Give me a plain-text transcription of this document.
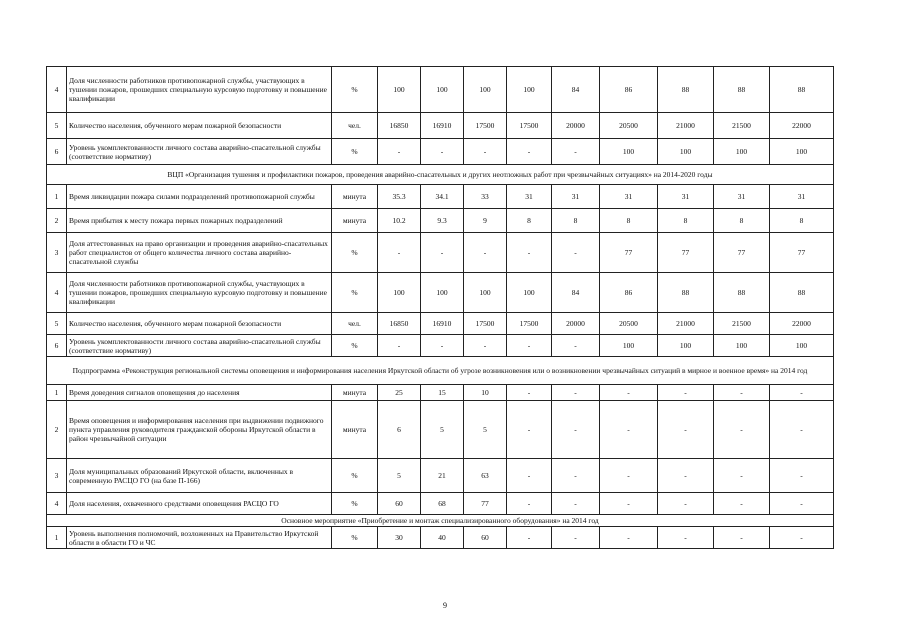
4	Доля численности работников противопожарной службы, участвующих в тушении пожаров, прошедших специальную курсовую подготовку и повышение квалификации	%	100	100	100	100	84	86	88	88	88
5	Количество населения, обученного мерам пожарной безопасности	чел.	16850	16910	17500	17500	20000	20500	21000	21500	22000
6	Уровень укомплектованности личного состава аварийно-спасательной службы (соответствие нормативу)	%	-	-	-	-	-	100	100	100	100
ВЦП «Организация тушения и профилактики пожаров, проведения аварийно-спасательных и других неотложных работ при чрезвычайных ситуациях» на 2014-2020 годы											
1	Время ликвидации пожара силами подразделений противопожарной службы	минута	35.3	34.1	33	31	31	31	31	31	31
2	Время прибытия к месту пожара первых пожарных подразделений	минута	10.2	9.3	9	8	8	8	8	8	8
3	Доля аттестованных на право организации и проведения аварийно-спасательных работ специалистов от общего количества личного состава аварийно-спасательной службы	%	-	-	-	-	-	77	77	77	77
4	Доля численности работников противопожарной службы, участвующих в тушении пожаров, прошедших специальную курсовую подготовку и повышение квалификации	%	100	100	100	100	84	86	88	88	88
5	Количество населения, обученного мерам пожарной безопасности	чел.	16850	16910	17500	17500	20000	20500	21000	21500	22000
6	Уровень укомплектованности личного состава аварийно-спасательной службы (соответствие нормативу)	%	-	-	-	-	-	100	100	100	100
Подпрограмма «Реконструкция региональной системы оповещения и информирования населения Иркутской области об угрозе возникновения или о возникновении чрезвычайных ситуаций в мирное и военное время» на 2014 год											
1	Время доведения сигналов оповещения до населения	минута	25	15	10	-	-	-	-	-	-
2	Время оповещения и информирования населения при выдвижении подвижного пункта управления руководителя гражданской обороны Иркутской области в район чрезвычайной ситуации	минута	6	5	5	-	-	-	-	-	-
3	Доля муниципальных образований Иркутской области, включенных в современную РАСЦО ГО (на базе П-166)	%	5	21	63	-	-	-	-	-	-
4	Доля населения, охваченного средствами оповещения РАСЦО ГО	%	60	68	77	-	-	-	-	-	-
Основное мероприятие «Приобретение и монтаж специализированного оборудования» на 2014 год											
1	Уровень выполнения полномочий, возложенных на Правительство Иркутской области в области ГО и ЧС	%	30	40	60	-	-	-	-	-	-
9
